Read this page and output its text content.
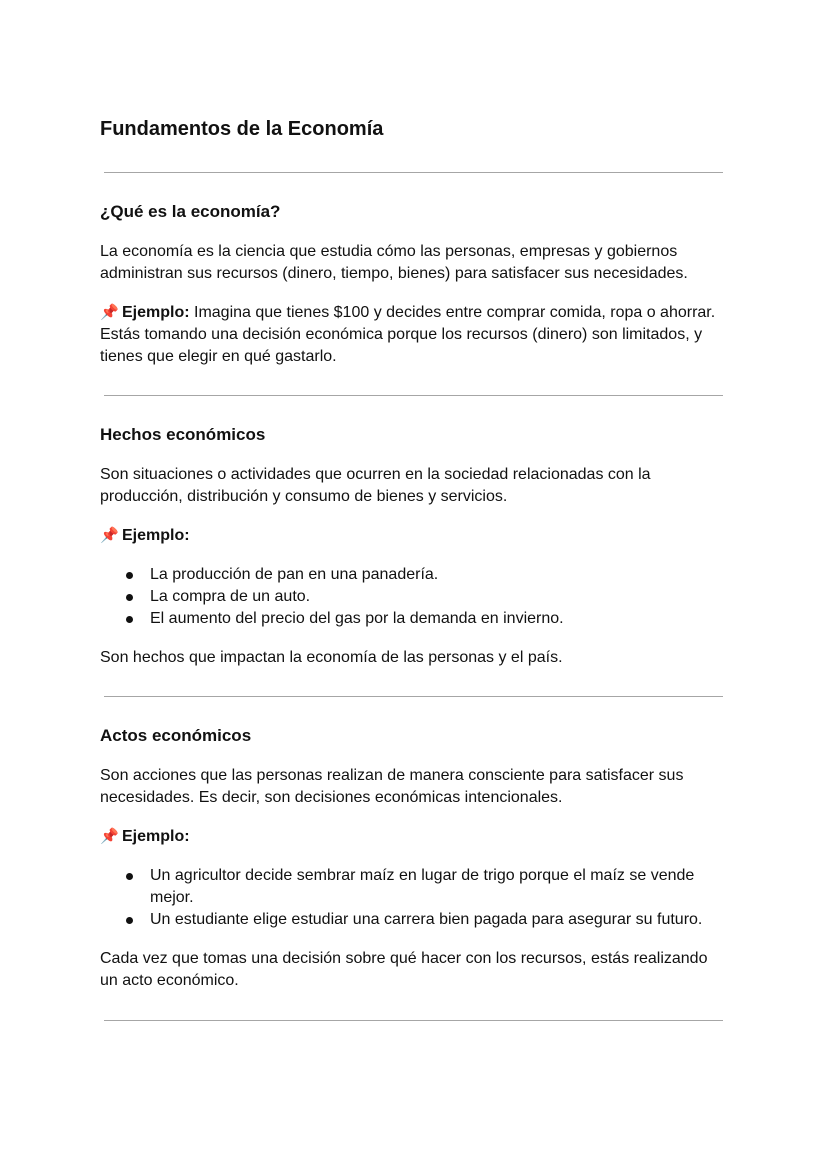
Fundamentos de la Economía
¿Qué es la economía?

La economía es la ciencia que estudia cómo las personas, empresas y gobiernos administran sus recursos (dinero, tiempo, bienes) para satisfacer sus necesidades.

📌 Ejemplo: Imagina que tienes $100 y decides entre comprar comida, ropa o ahorrar. Estás tomando una decisión económica porque los recursos (dinero) son limitados, y tienes que elegir en qué gastarlo.

Hechos económicos

Son situaciones o actividades que ocurren en la sociedad relacionadas con la producción, distribución y consumo de bienes y servicios.

📌 Ejemplo:

La producción de pan en una panadería.
La compra de un auto.
El aumento del precio del gas por la demanda en invierno.

Son hechos que impactan la economía de las personas y el país.

Actos económicos

Son acciones que las personas realizan de manera consciente para satisfacer sus necesidades. Es decir, son decisiones económicas intencionales.

📌 Ejemplo:

Un agricultor decide sembrar maíz en lugar de trigo porque el maíz se vende mejor.
Un estudiante elige estudiar una carrera bien pagada para asegurar su futuro.

Cada vez que tomas una decisión sobre qué hacer con los recursos, estás realizando un acto económico.
